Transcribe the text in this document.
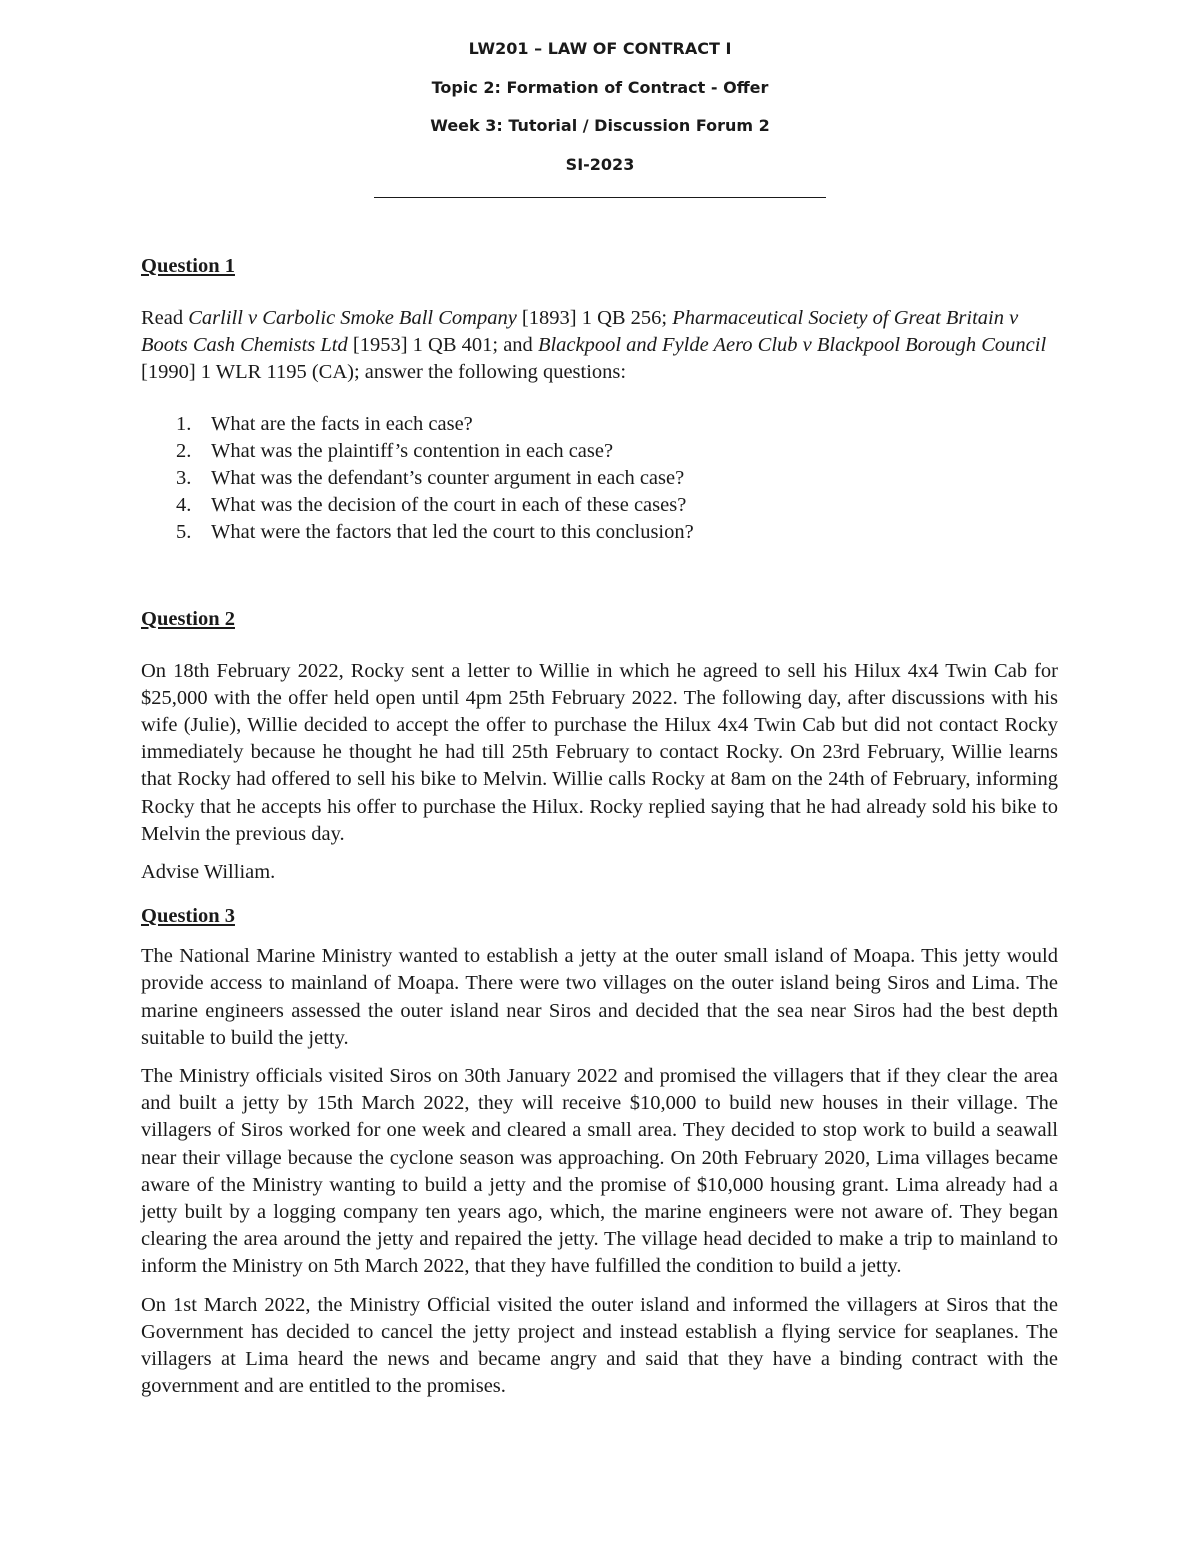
LW201 – LAW OF CONTRACT I
Topic 2: Formation of Contract - Offer
Week 3: Tutorial / Discussion Forum 2
SI-2023

Question 1

Read Carlill v Carbolic Smoke Ball Company [1893] 1 QB 256; Pharmaceutical Society of Great Britain v Boots Cash Chemists Ltd [1953] 1 QB 401; and Blackpool and Fylde Aero Club v Blackpool Borough Council [1990] 1 WLR 1195 (CA); answer the following questions:

1. What are the facts in each case?
2. What was the plaintiff’s contention in each case?
3. What was the defendant’s counter argument in each case?
4. What was the decision of the court in each of these cases?
5. What were the factors that led the court to this conclusion?

Question 2

On 18th February 2022, Rocky sent a letter to Willie in which he agreed to sell his Hilux 4x4 Twin Cab for $25,000 with the offer held open until 4pm 25th February 2022. The following day, after discussions with his wife (Julie), Willie decided to accept the offer to purchase the Hilux 4x4 Twin Cab but did not contact Rocky immediately because he thought he had till 25th February to contact Rocky. On 23rd February, Willie learns that Rocky had offered to sell his bike to Melvin. Willie calls Rocky at 8am on the 24th of February, informing Rocky that he accepts his offer to purchase the Hilux. Rocky replied saying that he had already sold his bike to Melvin the previous day.

Advise William.

Question 3

The National Marine Ministry wanted to establish a jetty at the outer small island of Moapa. This jetty would provide access to mainland of Moapa. There were two villages on the outer island being Siros and Lima. The marine engineers assessed the outer island near Siros and decided that the sea near Siros had the best depth suitable to build the jetty.

The Ministry officials visited Siros on 30th January 2022 and promised the villagers that if they clear the area and built a jetty by 15th March 2022, they will receive $10,000 to build new houses in their village. The villagers of Siros worked for one week and cleared a small area. They decided to stop work to build a seawall near their village because the cyclone season was approaching. On 20th February 2020, Lima villages became aware of the Ministry wanting to build a jetty and the promise of $10,000 housing grant. Lima already had a jetty built by a logging company ten years ago, which, the marine engineers were not aware of. They began clearing the area around the jetty and repaired the jetty. The village head decided to make a trip to mainland to inform the Ministry on 5th March 2022, that they have fulfilled the condition to build a jetty.

On 1st March 2022, the Ministry Official visited the outer island and informed the villagers at Siros that the Government has decided to cancel the jetty project and instead establish a flying service for seaplanes. The villagers at Lima heard the news and became angry and said that they have a binding contract with the government and are entitled to the promises.
